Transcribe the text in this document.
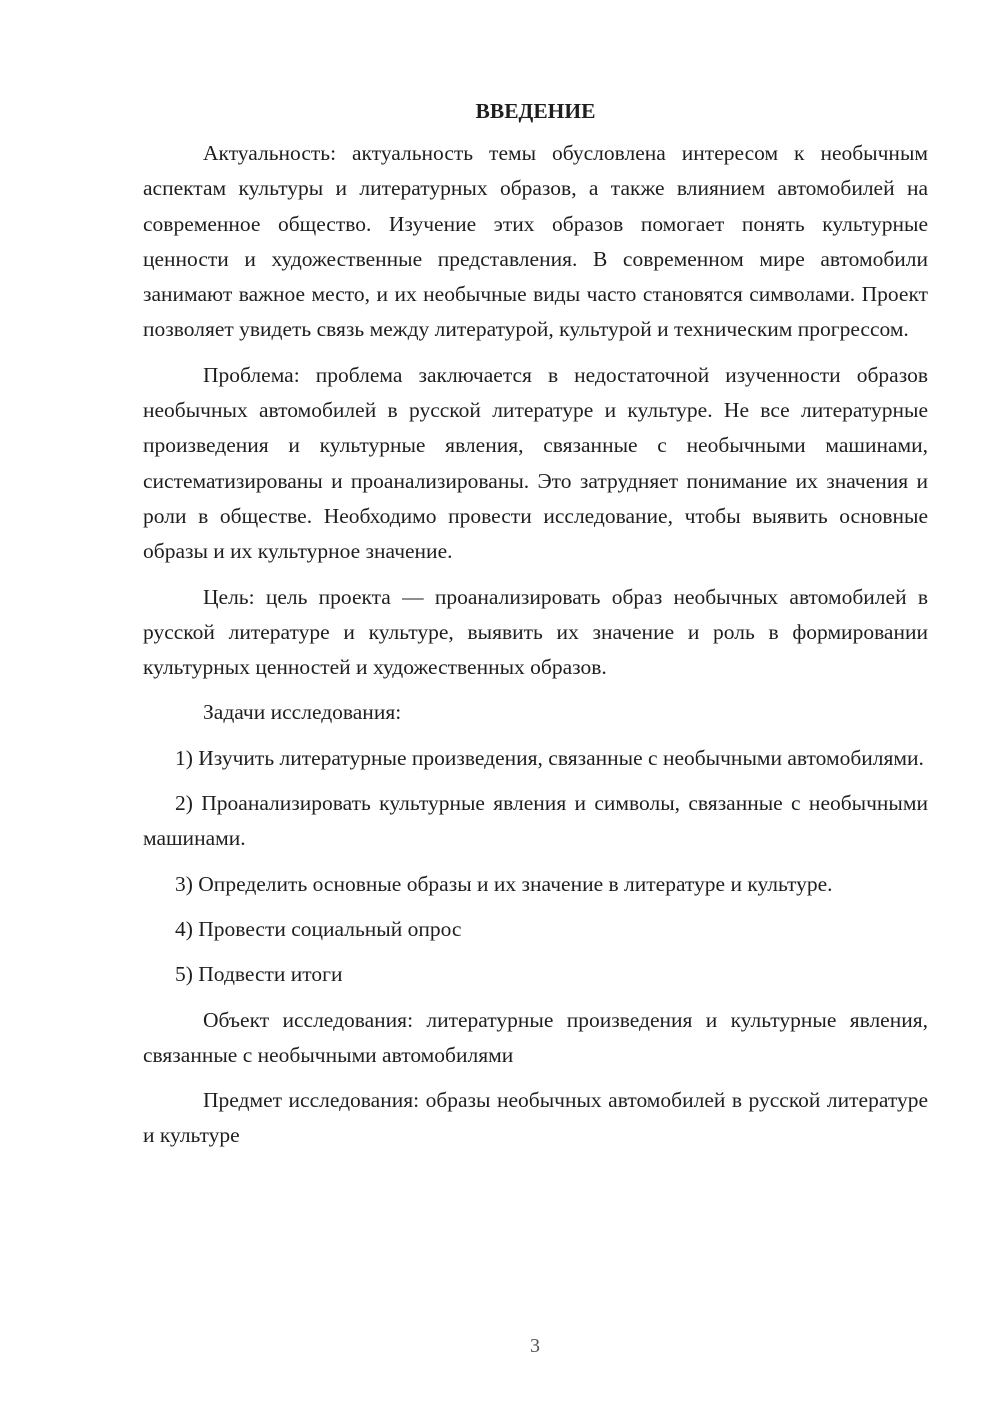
ВВЕДЕНИЕ

Актуальность: актуальность темы обусловлена интересом к необычным аспектам культуры и литературных образов, а также влиянием автомобилей на современное общество. Изучение этих образов помогает понять культурные ценности и художественные представления. В современном мире автомобили занимают важное место, и их необычные виды часто становятся символами. Проект позволяет увидеть связь между литературой, культурой и техническим прогрессом.

Проблема: проблема заключается в недостаточной изученности образов необычных автомобилей в русской литературе и культуре. Не все литературные произведения и культурные явления, связанные с необычными машинами, систематизированы и проанализированы. Это затрудняет понимание их значения и роли в обществе. Необходимо провести исследование, чтобы выявить основные образы и их культурное значение.

Цель: цель проекта — проанализировать образ необычных автомобилей в русской литературе и культуре, выявить их значение и роль в формировании культурных ценностей и художественных образов.

Задачи исследования:

1) Изучить литературные произведения, связанные с необычными автомобилями.

2) Проанализировать культурные явления и символы, связанные с необычными машинами.

3) Определить основные образы и их значение в литературе и культуре.

4) Провести социальный опрос

5) Подвести итоги

Объект исследования: литературные произведения и культурные явления, связанные с необычными автомобилями

Предмет исследования: образы необычных автомобилей в русской литературе и культуре

3
